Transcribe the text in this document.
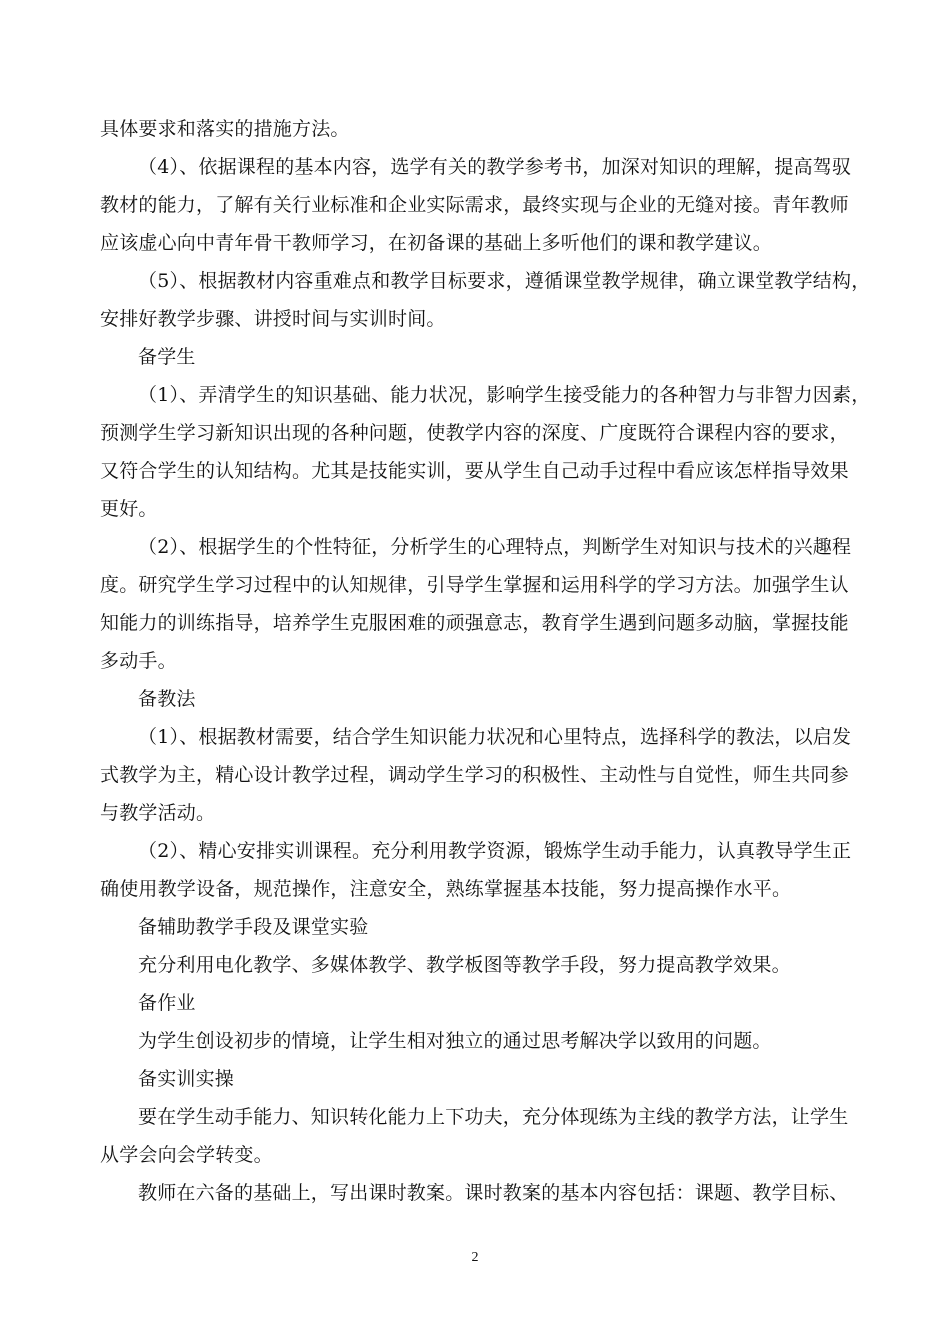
具体要求和落实的措施方法。
（4）、依据课程的基本内容，选学有关的教学参考书，加深对知识的理解，提高驾驭
教材的能力，了解有关行业标准和企业实际需求，最终实现与企业的无缝对接。青年教师
应该虚心向中青年骨干教师学习，在初备课的基础上多听他们的课和教学建议。
（5）、根据教材内容重难点和教学目标要求，遵循课堂教学规律，确立课堂教学结构，
安排好教学步骤、讲授时间与实训时间。
备学生
（1）、弄清学生的知识基础、能力状况，影响学生接受能力的各种智力与非智力因素，
预测学生学习新知识出现的各种问题，使教学内容的深度、广度既符合课程内容的要求，
又符合学生的认知结构。尤其是技能实训，要从学生自己动手过程中看应该怎样指导效果
更好。
（2）、根据学生的个性特征，分析学生的心理特点，判断学生对知识与技术的兴趣程
度。研究学生学习过程中的认知规律，引导学生掌握和运用科学的学习方法。加强学生认
知能力的训练指导，培养学生克服困难的顽强意志，教育学生遇到问题多动脑，掌握技能
多动手。
备教法
（1）、根据教材需要，结合学生知识能力状况和心里特点，选择科学的教法，以启发
式教学为主，精心设计教学过程，调动学生学习的积极性、主动性与自觉性，师生共同参
与教学活动。
（2）、精心安排实训课程。充分利用教学资源，锻炼学生动手能力，认真教导学生正
确使用教学设备，规范操作，注意安全，熟练掌握基本技能，努力提高操作水平。
备辅助教学手段及课堂实验
充分利用电化教学、多媒体教学、教学板图等教学手段，努力提高教学效果。
备作业
为学生创设初步的情境，让学生相对独立的通过思考解决学以致用的问题。
备实训实操
要在学生动手能力、知识转化能力上下功夫，充分体现练为主线的教学方法，让学生
从学会向会学转变。
教师在六备的基础上，写出课时教案。课时教案的基本内容包括：课题、教学目标、
2
